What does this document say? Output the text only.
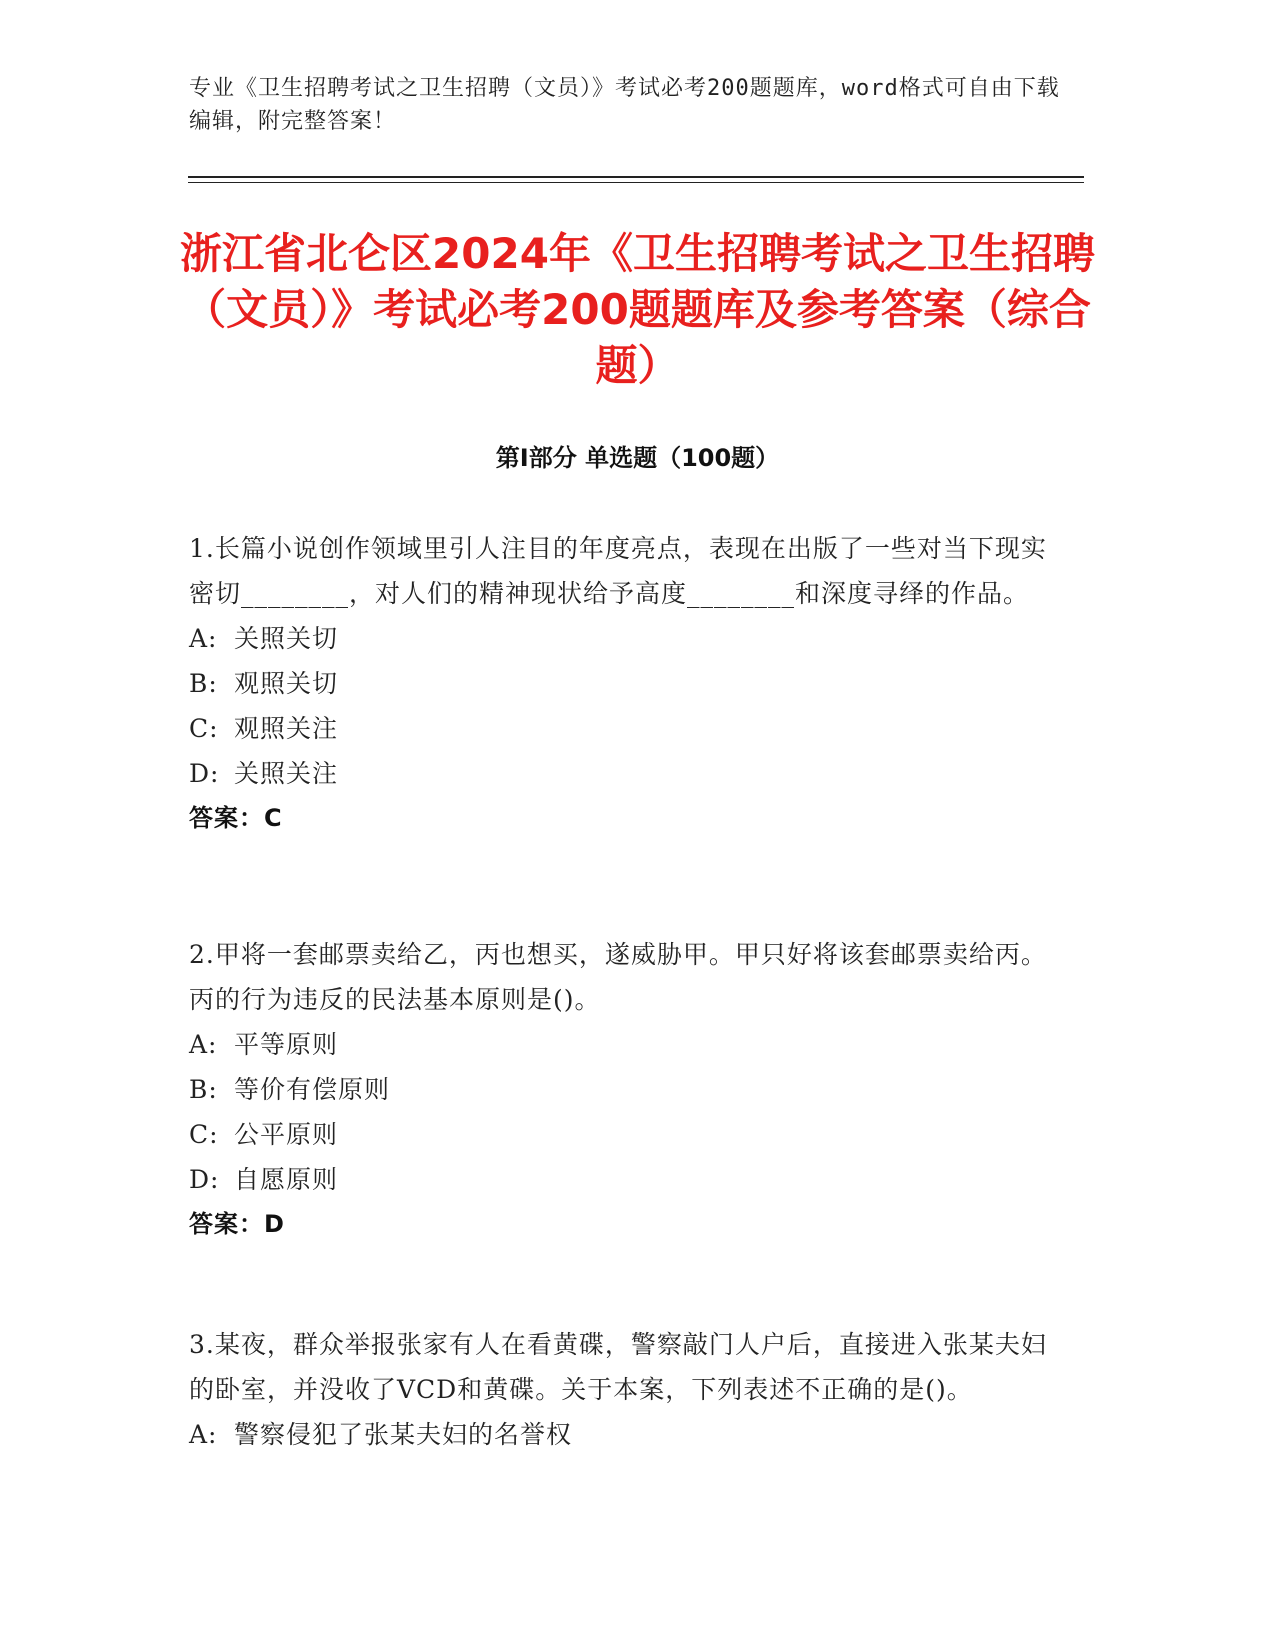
专业《卫生招聘考试之卫生招聘（文员）》考试必考200题题库，word格式可自由下载编辑，附完整答案！
浙江省北仑区2024年《卫生招聘考试之卫生招聘（文员）》考试必考200题题库及参考答案（综合题）
第Ⅰ部分 单选题（100题）

1.长篇小说创作领域里引人注目的年度亮点，表现在出版了一些对当下现实密切________，对人们的精神现状给予高度________和深度寻绎的作品。

A: 关照关切

B: 观照关切

C: 观照关注

D: 关照关注

答案：C

2.甲将一套邮票卖给乙，丙也想买，遂威胁甲。甲只好将该套邮票卖给丙。丙的行为违反的民法基本原则是()。

A: 平等原则

B: 等价有偿原则

C: 公平原则

D: 自愿原则

答案：D

3.某夜，群众举报张家有人在看黄碟，警察敲门人户后，直接进入张某夫妇的卧室，并没收了VCD和黄碟。关于本案，下列表述不正确的是()。

A: 警察侵犯了张某夫妇的名誉权
